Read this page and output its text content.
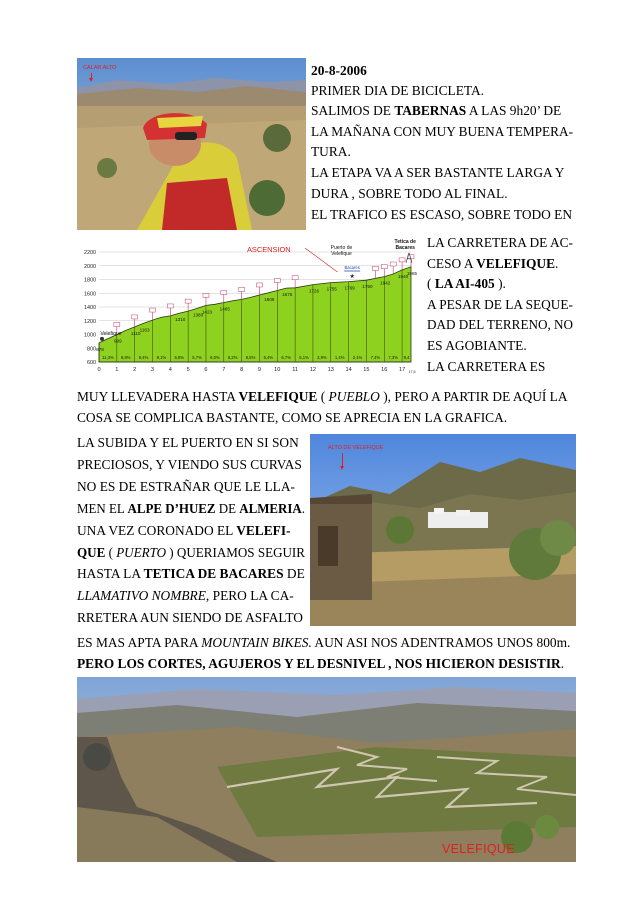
CALAR ALTO	20-8-2006
PRIMER DIA DE BICICLETA.
SALIMOS DE TABERNAS A LAS 9h20’ DE
LA MAÑANA CON MUY BUENA TEMPERA-
TURA.
LA ETAPA VA A SER BASTANTE LARGA Y
DURA , SOBRE TODO AL FINAL.
EL TRAFICO ES ESCASO, SOBRE TODO EN
600
800
1000
1200
1400
1600
1800
2000
2200
0	1	2	3	4	5	6	7	8	9 10 11 12 13 14 15 16 17 17,5
11,3% 8,8% 9,4% 9,1% 5,8% 5,7% 6,0% 8,2% 6,5% 5,4% 6,7% 5,1% 2,9% 1,4% 2,1% 7,4% 7,3% 9,4
878
999
1110
1163
1310
1380
1423
1465
1606
1675
1726 1755 1769 1790
1842
1940
1985
ASCENSION
Velefique
Puerto de
Velefique
Bacares
★
Tetica de
Bacares LA CARRETERA DE AC-
CESO A VELEFIQUE.
( LA AI-405 ).
A PESAR DE LA SEQUE-
DAD DEL TERRENO, NO
ES AGOBIANTE.
LA CARRETERA ES
MUY LLEVADERA HASTA VELEFIQUE ( PUEBLO ), PERO A PARTIR DE AQUÍ LA
COSA SE COMPLICA BASTANTE, COMO SE APRECIA EN LA GRAFICA.
LA SUBIDA Y EL PUERTO EN SI SON
PRECIOSOS, Y VIENDO SUS CURVAS
NO ES DE ESTRAÑAR QUE LE LLA-
MEN EL ALPE D’HUEZ DE ALMERIA.
UNA VEZ CORONADO EL VELEFI-
QUE ( PUERTO ) QUERIAMOS SEGUIR
HASTA LA TETICA DE BACARES DE
LLAMATIVO NOMBRE, PERO LA CA-
RRETERA AUN SIENDO DE ASFALTO
ALTO DE VELEFIQUE
ES MAS APTA PARA MOUNTAIN BIKES. AUN ASI NOS ADENTRAMOS UNOS 800m.
PERO LOS CORTES, AGUJEROS Y EL DESNIVEL , NOS HICIERON DESISTIR.
VELEFIQUE
